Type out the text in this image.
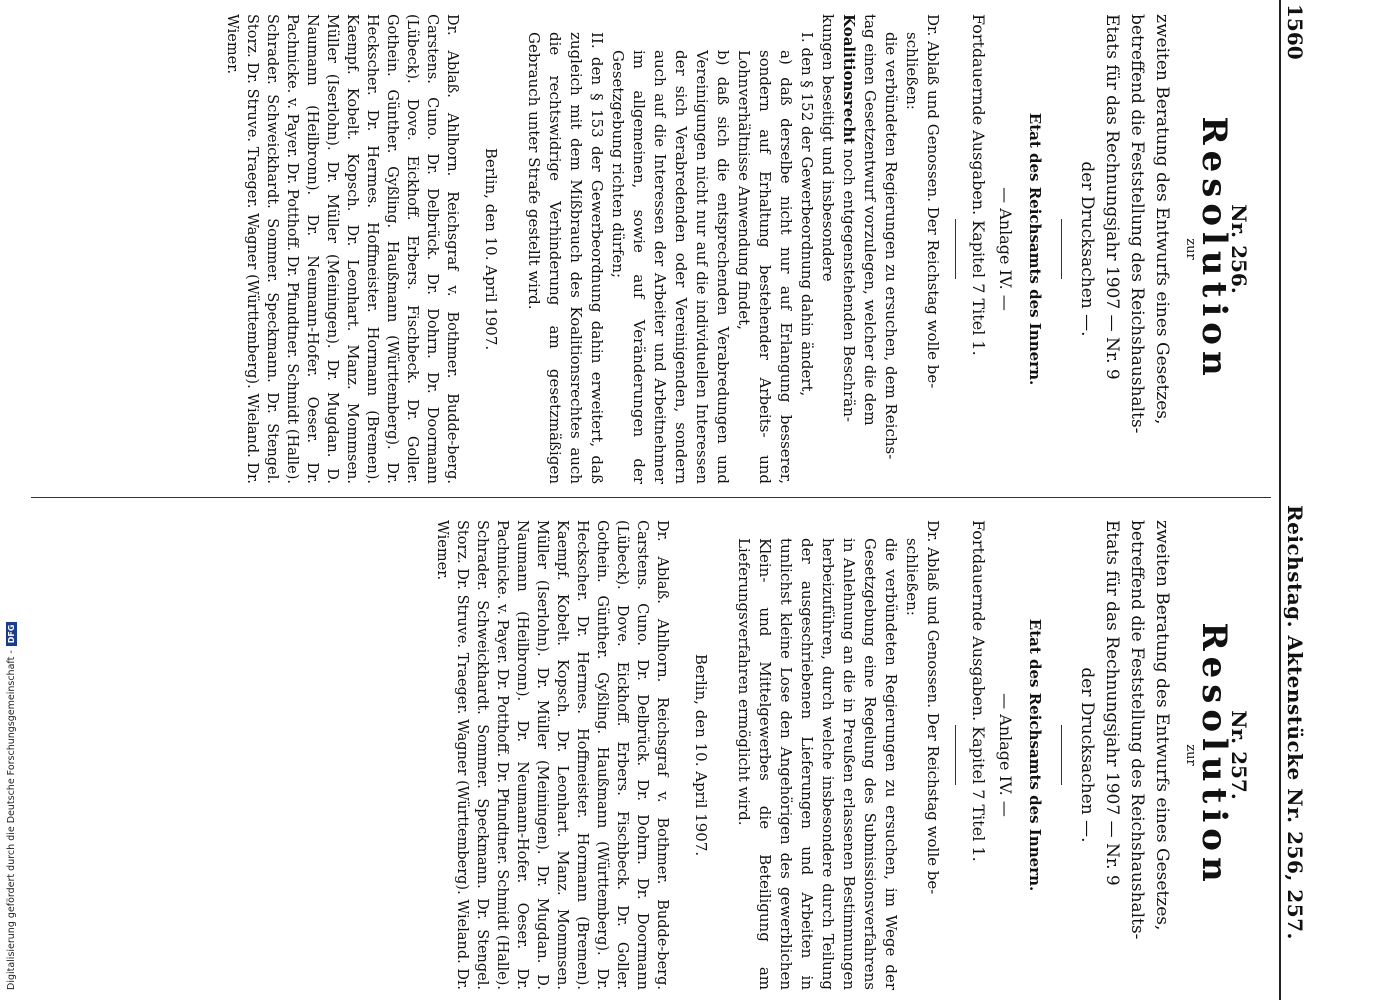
1560
Reichstag. Aktenstücke Nr. 256, 257.
Nr. 256.
Resolution
zur
zweiten Beratung des Entwurfs eines Gesetzes,
betreffend die Feststellung des Reichshaushalts-
Etats für das Rechnungsjahr 1907 — Nr. 9
der Drucksachen —.
Etat des Reichsamts des Innern.
— Anlage IV. —
Fortdauernde Ausgaben. Kapitel 7 Titel 1.
Dr. Ablaß und Genossen. Der Reichstag wolle be-
schließen:
die verbündeten Regierungen zu ersuchen, dem Reichs-
tag einen Gesetzentwurf vorzulegen, welcher die dem
Koalitionsrecht noch entgegenstehenden Beschrän-
kungen beseitigt und insbesondere
I. den § 152 der Gewerbeordnung dahin ändert,
a) daß derselbe nicht nur auf Erlangung besserer, sondern auf Erhaltung bestehender Arbeits- und Lohnverhältnisse Anwendung findet,
b) daß sich die entsprechenden Verabredungen und Vereinigungen nicht nur auf die individuellen Interessen der sich Verabredenden oder Vereinigenden, sondern auch auf die Interessen der Arbeiter und Arbeitnehmer im allgemeinen, sowie auf Veränderungen der Gesetzgebung richten dürfen;
II. den § 153 der Gewerbeordnung dahin erweitert, daß zugleich mit dem Mißbrauch des Koalitionsrechtes auch die rechtswidrige Verhinderung am gesetzmäßigen Gebrauch unter Strafe gestellt wird.
Berlin, den 10. April 1907.
Dr. Ablaß. Ahlhorn. Reichsgraf v. Bothmer. Budde-berg. Carstens. Cuno. Dr. Delbrück. Dr. Dohrn. Dr. Doormann (Lübeck). Dove. Eickhoff. Erbers. Fischbeck. Dr. Goller. Gothein. Günther. Gyßling. Haußmann (Württemberg). Dr. Heckscher. Dr. Hermes. Hoffmeister. Hormann (Bremen). Kaempf. Kobelt. Kopsch. Dr. Leonhart. Manz. Mommsen. Müller (Iserlohn). Dr. Müller (Meiningen). Dr. Mugdan. D. Naumann (Heilbronn). Dr. Neumann-Hofer. Oeser. Dr. Pachnicke. v. Payer. Dr. Potthoff. Dr. Pfundtner. Schmidt (Halle). Schrader. Schweickhardt. Sommer. Speckmann. Dr. Stengel. Storz. Dr. Struve. Traeger. Wagner (Württemberg). Wieland. Dr. Wiemer.
Nr. 257.
Resolution
zur
zweiten Beratung des Entwurfs eines Gesetzes,
betreffend die Feststellung des Reichshaushalts-
Etats für das Rechnungsjahr 1907 — Nr. 9
der Drucksachen —.
Etat des Reichsamts des Innern.
— Anlage IV. —
Fortdauernde Ausgaben. Kapitel 7 Titel 1.
Dr. Ablaß und Genossen. Der Reichstag wolle be-
schließen:
die verbündeten Regierungen zu ersuchen, im Wege der Gesetzgebung eine Regelung des Submissionsverfahrens in Anlehnung an die in Preußen erlassenen Bestimmungen herbeizuführen, durch welche insbesondere durch Teilung der ausgeschriebenen Lieferungen und Arbeiten in tunlichst kleine Lose den Angehörigen des gewerblichen Klein- und Mittelgewerbes die Beteiligung am Lieferungsverfahren ermöglicht wird.
Berlin, den 10. April 1907.
Dr. Ablaß. Ahlhorn. Reichsgraf v. Bothmer. Budde-berg. Carstens. Cuno. Dr. Delbrück. Dr. Dohrn. Dr. Doormann (Lübeck). Dove. Eickhoff. Erbers. Fischbeck. Dr. Goller. Gothein. Günther. Gyßling. Haußmann (Württemberg). Dr. Heckscher. Dr. Hermes. Hoffmeister. Hormann (Bremen). Kaempf. Kobelt. Kopsch. Dr. Leonhart. Manz. Mommsen. Müller (Iserlohn). Dr. Müller (Meiningen). Dr. Mugdan. D. Naumann (Heilbronn). Dr. Neumann-Hofer. Oeser. Dr. Pachnicke. v. Payer. Dr. Potthoff. Dr. Pfundtner. Schmidt (Halle). Schrader. Schweickhardt. Sommer. Speckmann. Dr. Stengel. Storz. Dr. Struve. Traeger. Wagner (Württemberg). Wieland. Dr. Wiemer.
Digitalisierung gefördert durch die Deutsche Forschungsgemeinschaft -DFG
